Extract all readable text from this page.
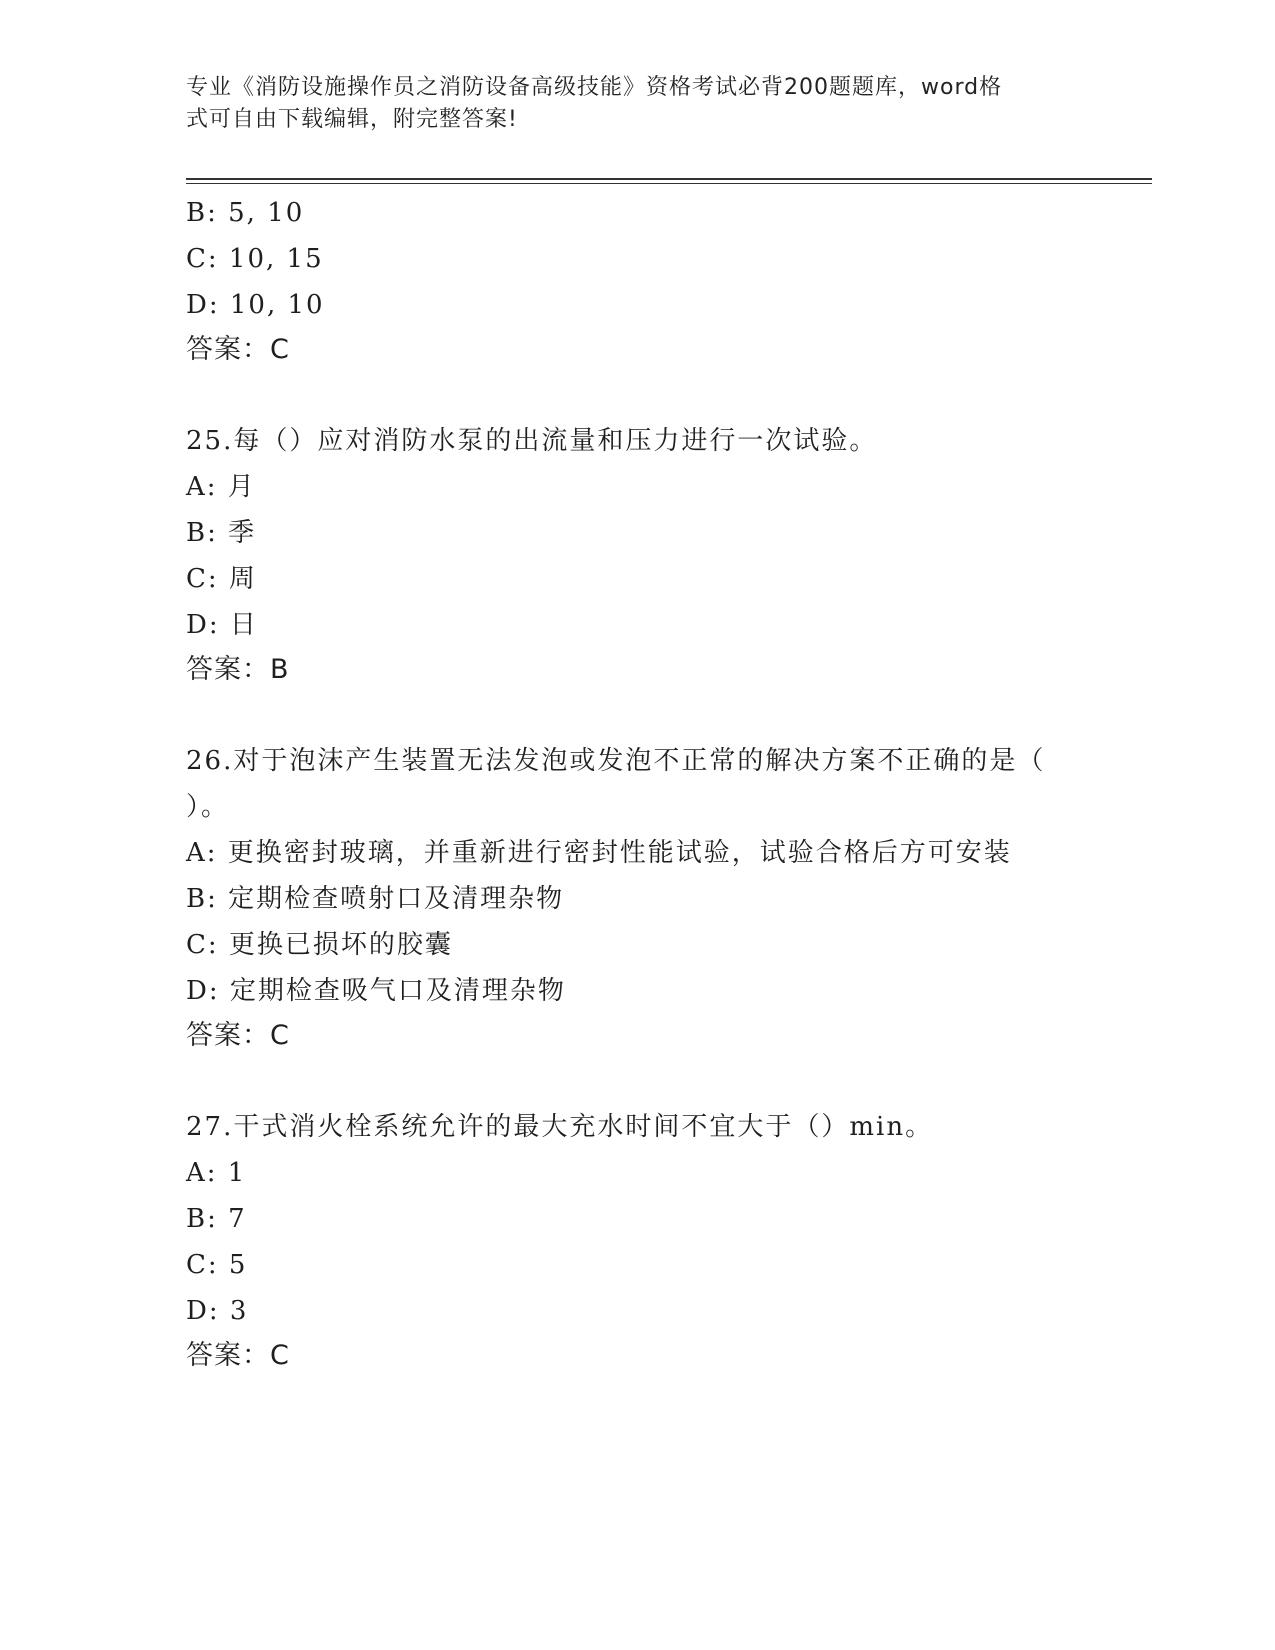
专业《消防设施操作员之消防设备高级技能》资格考试必背200题题库，word格
式可自由下载编辑，附完整答案!
B: 5, 10
C: 10, 15
D: 10, 10
答案：C
25.每（）应对消防水泵的出流量和压力进行一次试验。
A: 月
B: 季
C: 周
D: 日
答案：B
26.对于泡沫产生装置无法发泡或发泡不正常的解决方案不正确的是（
）。
A: 更换密封玻璃，并重新进行密封性能试验，试验合格后方可安装
B: 定期检查喷射口及清理杂物
C: 更换已损坏的胶囊
D: 定期检查吸气口及清理杂物
答案：C
27.干式消火栓系统允许的最大充水时间不宜大于（）min。
A: 1
B: 7
C: 5
D: 3
答案：C
